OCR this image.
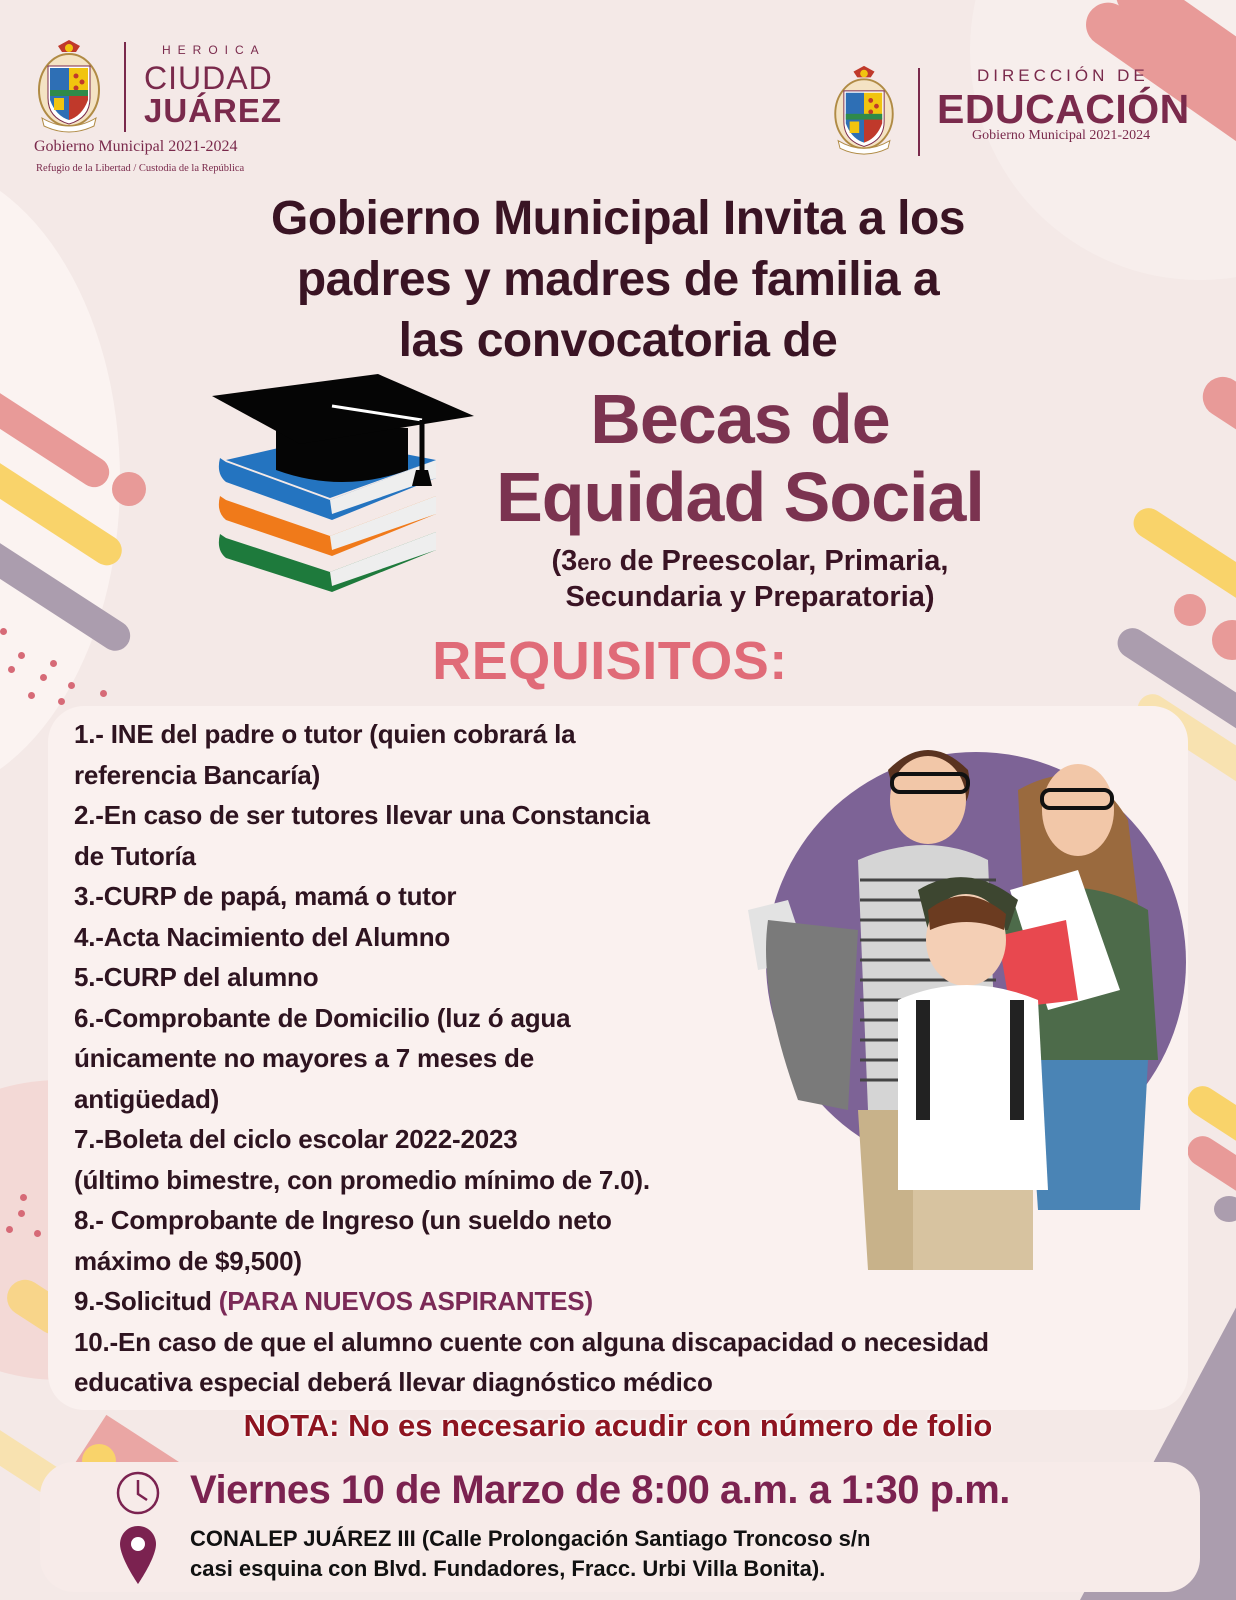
HEROICA
CIUDAD
JUÁREZ
Gobierno Municipal 2021-2024
Refugio de la Libertad / Custodia de la República
DIRECCIÓN DE
EDUCACIÓN
Gobierno Municipal 2021-2024
Gobierno Municipal Invita a los
padres y madres de familia a
las convocatoria de
Becas de
Equidad Social
(3ero de Preescolar, Primaria,
Secundaria y Preparatoria)
REQUISITOS:
1.- INE del padre o tutor (quien cobrará la
referencia Bancaría)
2.-En caso de ser tutores llevar una Constancia
de Tutoría
3.-CURP de papá, mamá o tutor
4.-Acta Nacimiento del Alumno
5.-CURP del alumno
6.-Comprobante de Domicilio (luz ó agua
únicamente no mayores a 7 meses de
antigüedad)
7.-Boleta del ciclo escolar 2022-2023
(último bimestre, con promedio mínimo de 7.0).
8.- Comprobante de Ingreso (un sueldo neto
máximo de $9,500)
9.-Solicitud (PARA NUEVOS ASPIRANTES)
10.-En caso de que el alumno cuente con alguna discapacidad o necesidad
educativa especial deberá llevar diagnóstico médico
NOTA: No es necesario acudir con número de folio
Viernes 10 de Marzo de 8:00 a.m. a 1:30 p.m.
CONALEP JUÁREZ III (Calle Prolongación Santiago Troncoso s/n
casi esquina con Blvd. Fundadores, Fracc. Urbi Villa Bonita).
